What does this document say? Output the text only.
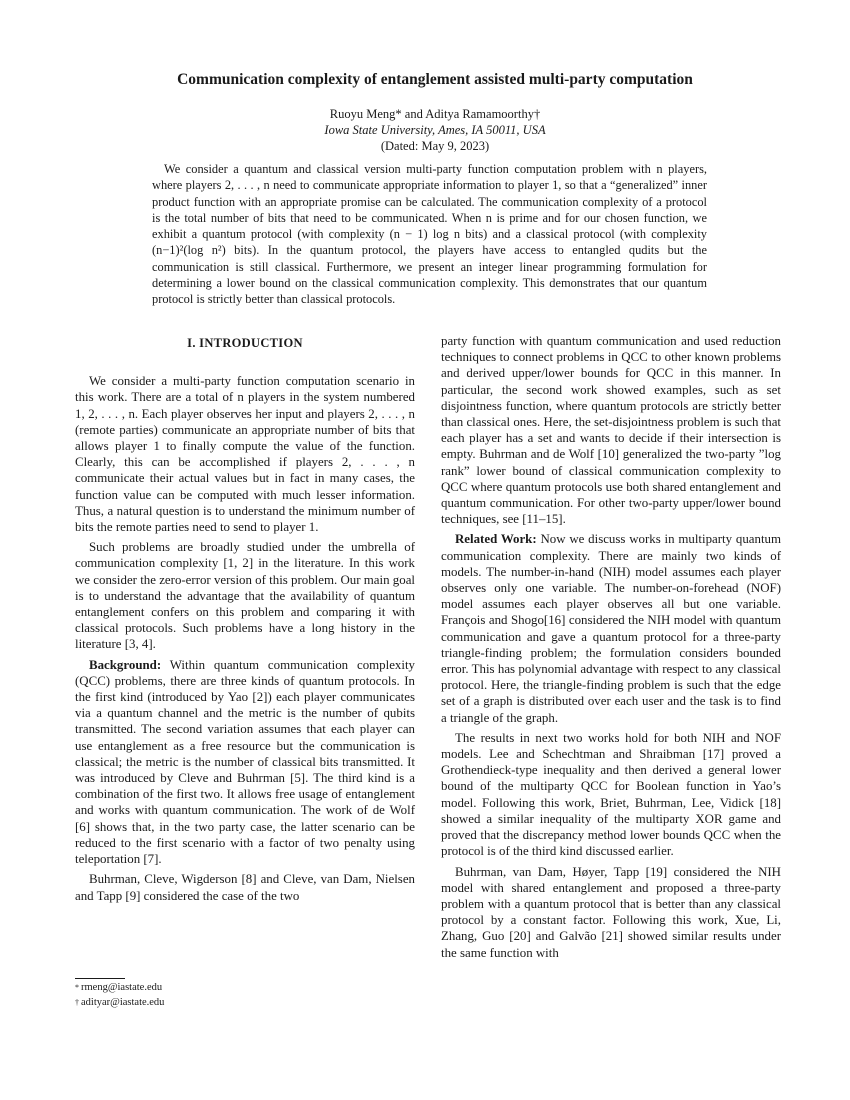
Communication complexity of entanglement assisted multi-party computation
Ruoyu Meng* and Aditya Ramamoorthy†
Iowa State University, Ames, IA 50011, USA
(Dated: May 9, 2023)
We consider a quantum and classical version multi-party function computation problem with n players, where players 2, . . . , n need to communicate appropriate information to player 1, so that a “generalized” inner product function with an appropriate promise can be calculated. The communication complexity of a protocol is the total number of bits that need to be communicated. When n is prime and for our chosen function, we exhibit a quantum protocol (with complexity (n − 1) log n bits) and a classical protocol (with complexity (n−1)²(log n²) bits). In the quantum protocol, the players have access to entangled qudits but the communication is still classical. Furthermore, we present an integer linear programming formulation for determining a lower bound on the classical communication complexity. This demonstrates that our quantum protocol is strictly better than classical protocols.
I. INTRODUCTION

We consider a multi-party function computation scenario in this work. There are a total of n players in the system numbered 1, 2, . . . , n. Each player observes her input and players 2, . . . , n (remote parties) communicate an appropriate number of bits that allows player 1 to finally compute the value of the function. Clearly, this can be accomplished if players 2, . . . , n communicate their actual values but in fact in many cases, the function value can be computed with much lesser information. Thus, a natural question is to understand the minimum number of bits the remote parties need to send to player 1.

Such problems are broadly studied under the umbrella of communication complexity [1, 2] in the literature. In this work we consider the zero-error version of this problem. Our main goal is to understand the advantage that the availability of quantum entanglement confers on this problem and comparing it with classical protocols. Such problems have a long history in the literature [3, 4].

Background: Within quantum communication complexity (QCC) problems, there are three kinds of quantum protocols. In the first kind (introduced by Yao [2]) each player communicates via a quantum channel and the metric is the number of qubits transmitted. The second variation assumes that each player can use entanglement as a free resource but the communication is classical; the metric is the number of classical bits transmitted. It was introduced by Cleve and Buhrman [5]. The third kind is a combination of the first two. It allows free usage of entanglement and works with quantum communication. The work of de Wolf [6] shows that, in the two party case, the latter scenario can be reduced to the first scenario with a factor of two penalty using teleportation [7].

Buhrman, Cleve, Wigderson [8] and Cleve, van Dam, Nielsen and Tapp [9] considered the case of the two

* rmeng@iastate.edu
† adityar@iastate.edu

party function with quantum communication and used reduction techniques to connect problems in QCC to other known problems and derived upper/lower bounds for QCC in this manner. In particular, the second work showed examples, such as set disjointness function, where quantum protocols are strictly better than classical ones. Here, the set-disjointness problem is such that each player has a set and wants to decide if their intersection is empty. Buhrman and de Wolf [10] generalized the two-party ”log rank” lower bound of classical communication complexity to QCC where quantum protocols use both shared entanglement and quantum communication. For other two-party upper/lower bound techniques, see [11–15].

Related Work: Now we discuss works in multiparty quantum communication complexity. There are mainly two kinds of models. The number-in-hand (NIH) model assumes each player observes only one variable. The number-on-forehead (NOF) model assumes each player observes all but one variable. François and Shogo[16] considered the NIH model with quantum communication and gave a quantum protocol for a three-party triangle-finding problem; the formulation considers bounded error. This has polynomial advantage with respect to any classical protocol. Here, the triangle-finding problem is such that the edge set of a graph is distributed over each user and the task is to find a triangle of the graph.

The results in next two works hold for both NIH and NOF models. Lee and Schechtman and Shraibman [17] proved a Grothendieck-type inequality and then derived a general lower bound of the multiparty QCC for Boolean function in Yao’s model. Following this work, Briet, Buhrman, Lee, Vidick [18] showed a similar inequality of the multiparty XOR game and proved that the discrepancy method lower bounds QCC when the protocol is of the third kind discussed earlier.

Buhrman, van Dam, Høyer, Tapp [19] considered the NIH model with shared entanglement and proposed a three-party problem with a quantum protocol that is better than any classical protocol by a constant factor. Following this work, Xue, Li, Zhang, Guo [20] and Galvão [21] showed similar results under the same function with
